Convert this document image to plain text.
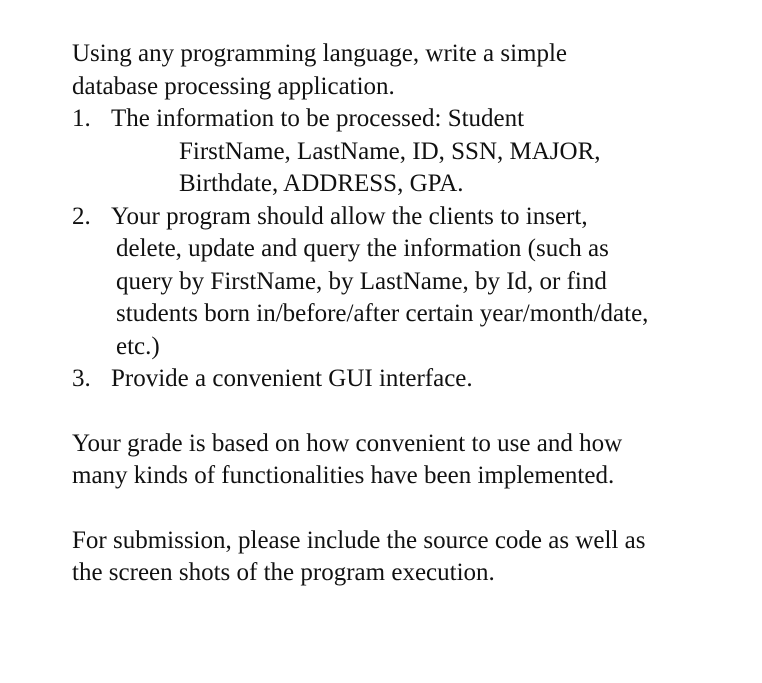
Using any programming language, write a simple
database processing application.

1. The information to be processed: Student
FirstName, LastName, ID, SSN, MAJOR,
Birthdate, ADDRESS, GPA.
2. Your program should allow the clients to insert,
delete, update and query the information (such as
query by FirstName, by LastName, by Id, or find
students born in/before/after certain year/month/date,
etc.)
3. Provide a convenient GUI interface.

Your grade is based on how convenient to use and how
many kinds of functionalities have been implemented.

For submission, please include the source code as well as
the screen shots of the program execution.
